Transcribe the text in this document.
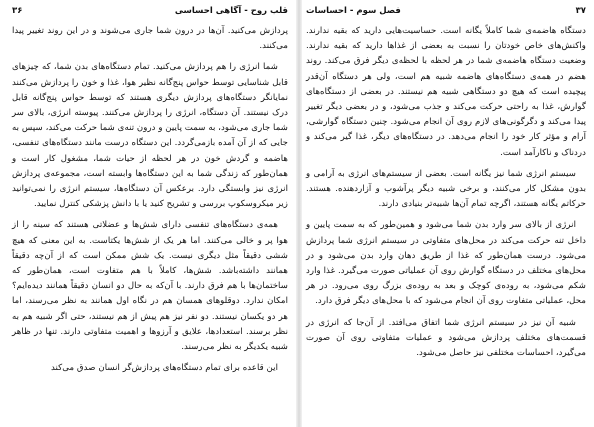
۳۷
فصل سوم - احساسات

دستگاه هاضمه‌ی شما کاملاً یگانه است. حساسیت‌هایی دارید که بقیه ندارند. واکنش‌های خاص خودتان را نسبت به بعضی از غذاها دارید که بقیه ندارند. وضعیت دستگاه هاضمه‌ی شما در هر لحظه با لحظه‌ی دیگر فرق می‌کند. روند هضم در همه‌ی دستگاه‌های هاضمه شبیه هم است، ولی هر دستگاه آن‌قدر پیچیده است که هیچ دو دستگاهی شبیه هم نیستند. در بعضی از دستگاه‌های گوارش، غذا به راحتی حرکت می‌کند و جذب می‌شود، و در بعضی دیگر تغییر پیدا می‌کند و دگرگونی‌های لازم روی آن انجام می‌شود. چنین دستگاه گوارشی، آرام و مؤثر کار خود را انجام می‌دهد. در دستگاه‌های دیگر، غذا گیر می‌کند و دردناک و ناکارآمد است.

سیستم انرژی شما نیز یگانه است. بعضی از سیستم‌های انرژی به آرامی و بدون مشکل کار می‌کنند، و برخی شبیه دیگر پرآشوب و آزاردهنده. هستند. حرکاتم یگانه هستند، اگرچه تمام آن‌ها شبیه‌تر بنیادی دارند.

انرژی از بالای سر وارد بدن شما می‌شود و همین‌طور که به سمت پایین و داخل تنه حرکت می‌کند در محل‌های متفاوتی در سیستم انرژی شما پردازش می‌شود. درست همان‌طور که غذا از طریق دهان وارد بدن می‌شود و در محل‌های مختلف در دستگاه گوارش روی آن عملیاتی صورت می‌گیرد. غذا وارد شکم می‌شود، به روده‌ی کوچک و بعد به روده‌ی بزرگ روی می‌رود. در هر محل، عملیاتی متفاوت روی آن انجام می‌شود که با محل‌های دیگر فرق دارد.

شبیه آن نیز در سیستم انرژی شما اتفاق می‌افتد. از آن‌جا که انرژی در قسمت‌های مختلف پردازش می‌شود و عملیات متفاوتی روی آن صورت می‌گیرد، احساسات مختلفی نیز حاصل می‌شود.

قلب روح - آگاهی احساسی
۳۶

پردازش می‌کنید. آن‌ها در درون شما جاری می‌شوند و در این روند تغییر پیدا می‌کنند.

شما انرژی را هم پردازش می‌کنید. تمام دستگاه‌های بدن شما، که چیزهای قابل شناسایی توسط حواس پنج‌گانه نظیر هوا، غذا و خون را پردازش می‌کنند نمایانگر دستگاه‌های پردازش دیگری هستند که توسط حواس پنج‌گانه قابل درک نیستند. آن دستگاه، انرژی را پردازش می‌کنند. پیوسته انرژی، بالای سر شما جاری می‌شود، به سمت پایین و درون تنه‌ی شما حرکت می‌کند، سپس به جایی که از آن آمده بازمی‌گردد. این دستگاه درست مانند دستگاه‌های تنفسی، هاضمه و گردش خون در هر لحظه از حیات شما، مشغول کار است و همان‌طور که زندگی شما به این دستگاه‌ها وابسته است، مجموعه‌ی پردازش انرژی نیز وابستگی دارد. برعکس آن دستگاه‌ها، سیستم انرژی را نمی‌توانید زیر میکروسکوپ بررسی و تشریح کنید یا با دانش پزشکی کنترل نمایید.

همه‌ی دستگاه‌های تنفسی دارای شش‌ها و عضلاتی هستند که سینه را از هوا پر و خالی می‌کنند. اما هر یک از شش‌ها یکتاست. به این معنی که هیچ ششی دقیقاً مثل دیگری نیست. یک شش ممکن است که از آن‌چه دقیقاً همانند داشته‌باشد. شش‌ها، کاملاً با هم متفاوت است، همان‌طور که ساختمان‌ها با هم فرق دارند. با آن‌که به حال دو انسان دقیقاً همانند دیده‌ایم؟ امکان ندارد. دوقلوهای همسان هم در نگاه اول همانند به نظر می‌رسند، اما هر دو یکسان نیستند. دو نفر نیز هم پیش از هم نیستند، حتی اگر شبیه هم به نظر برسند. استعدادها، علایق و آرزوها و اهمیت متفاوتی دارند. تنها در ظاهر شبیه یکدیگر به نظر می‌رسند.

این قاعده برای تمام دستگاه‌های پردازش‌گر انسان صدق می‌کند
